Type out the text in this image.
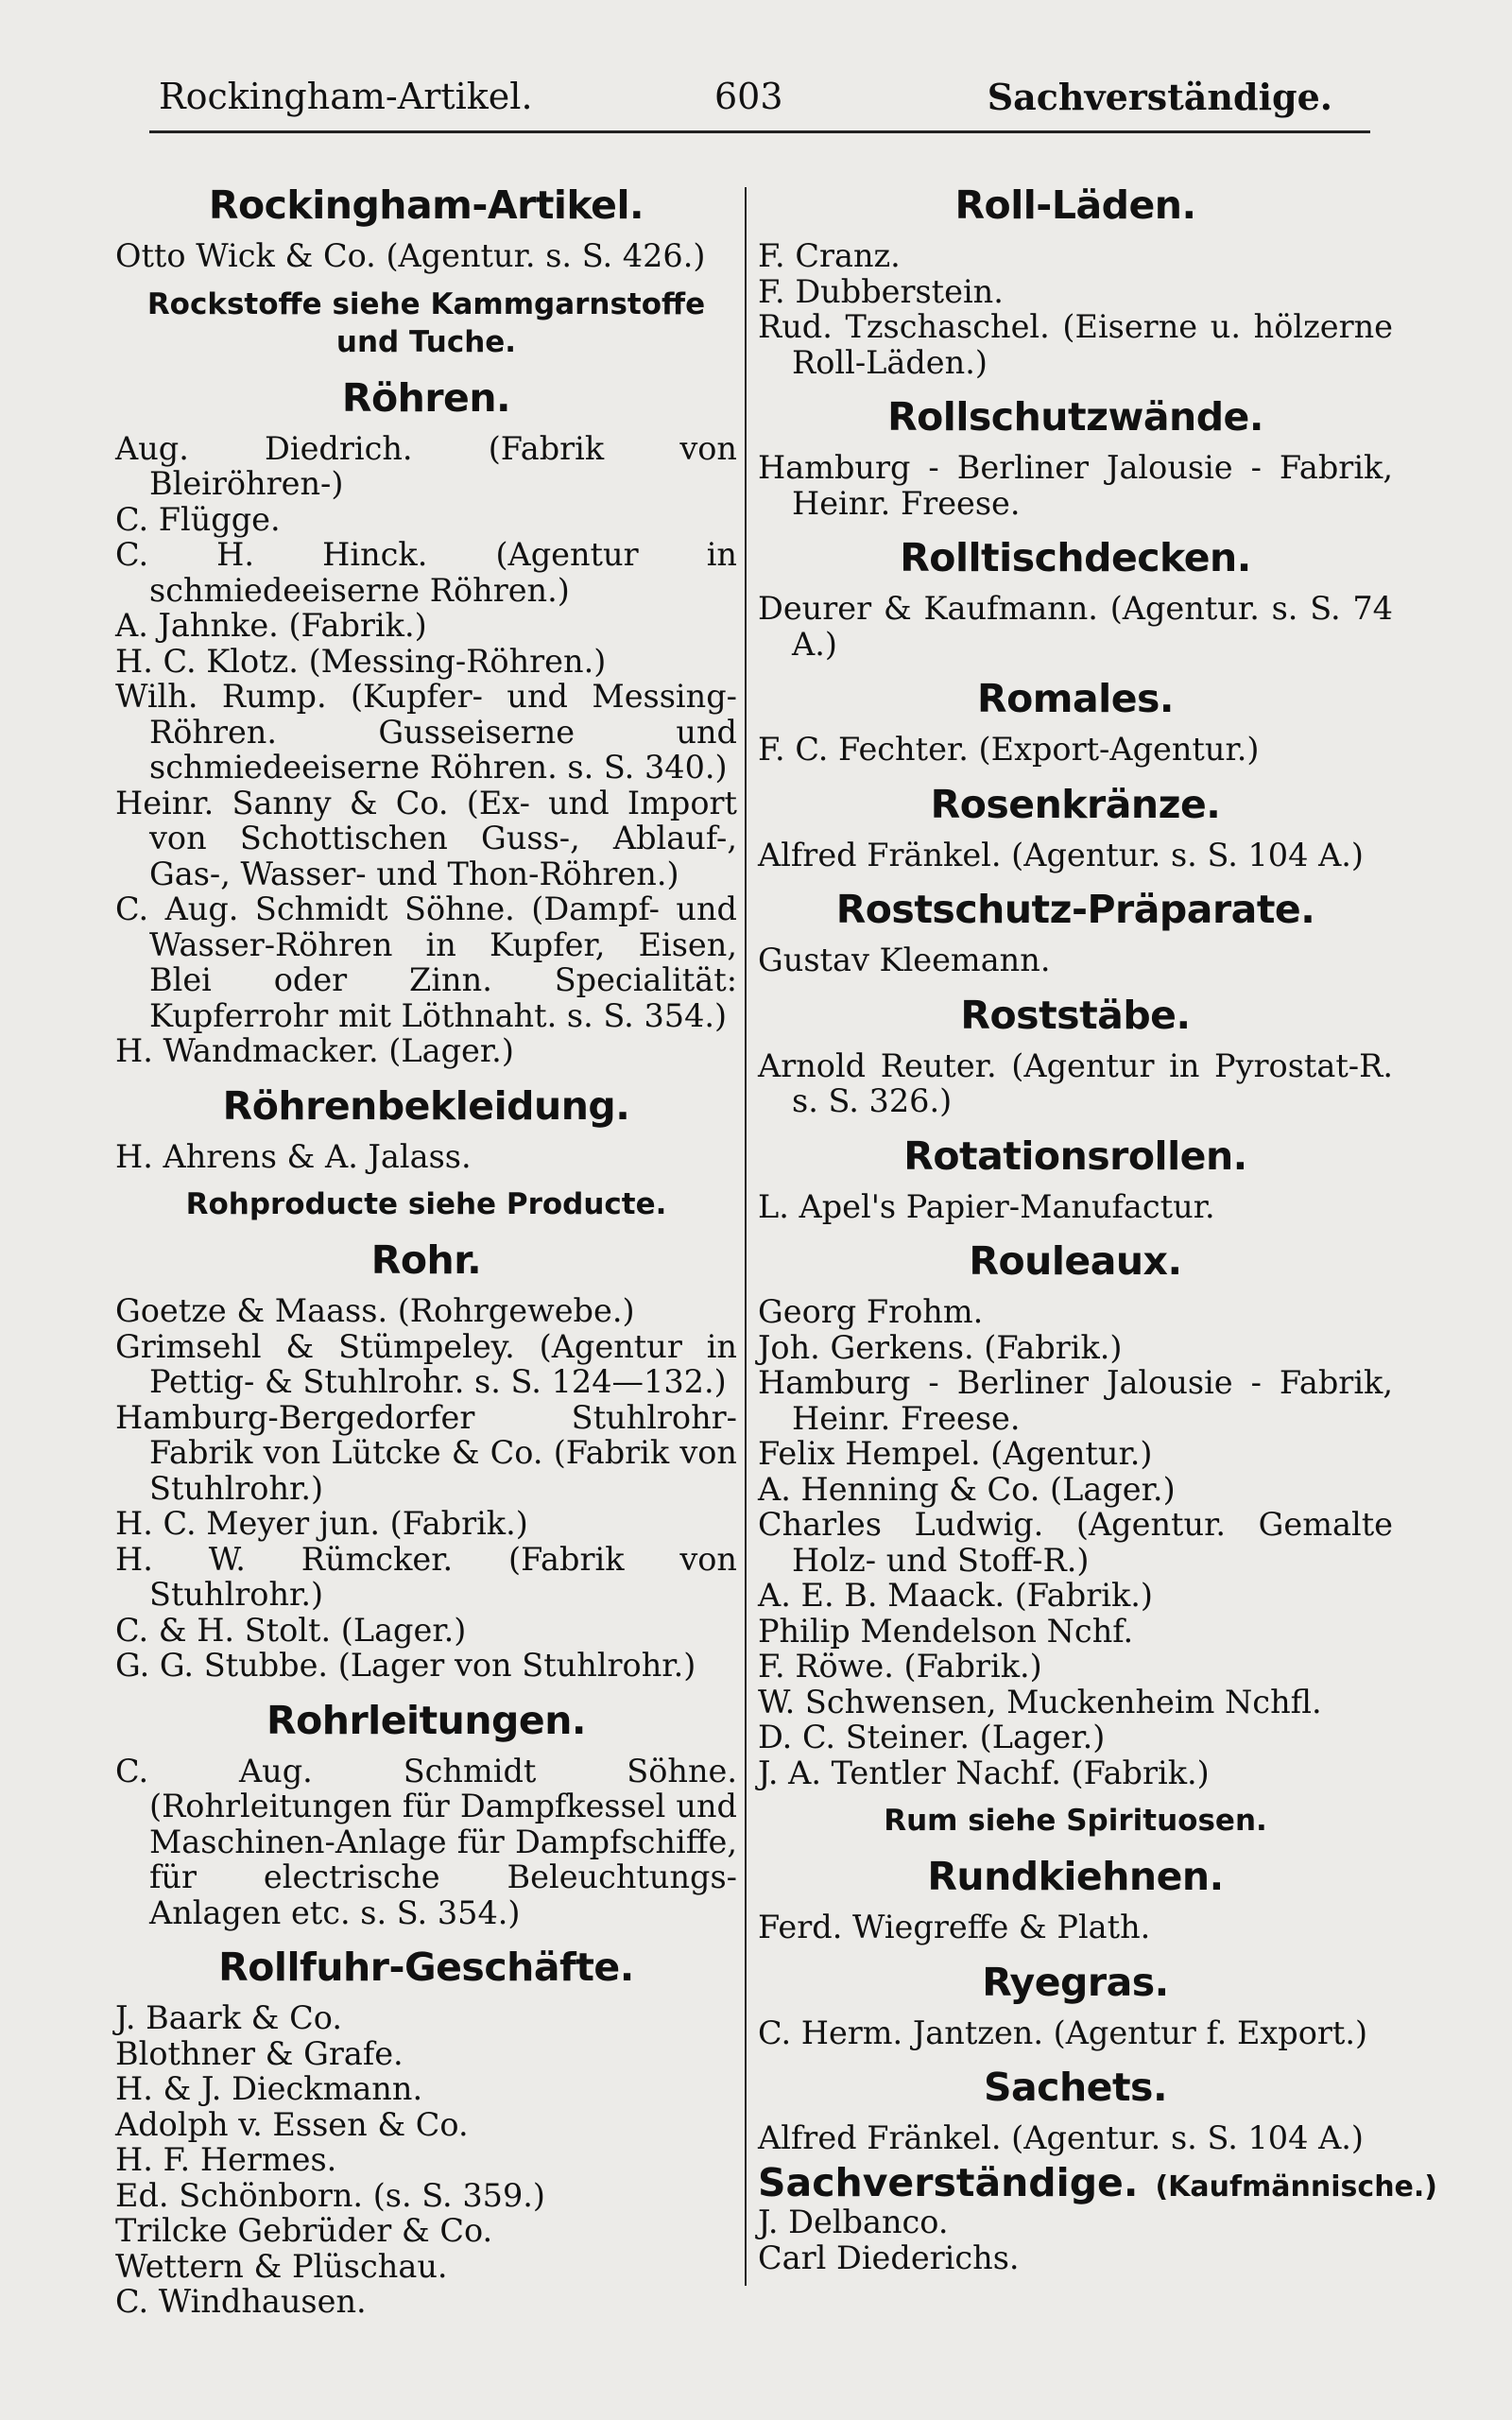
Rockingham-Artikel.	603	Sachverständige.
Rockingham-Artikel.

Otto Wick & Co. (Agentur. s. S. 426.)

Rockstoffe siehe Kammgarnstoffe und Tuche.
Röhren.

Aug. Diedrich. (Fabrik von Bleiröhren-)

C. Flügge.

C. H. Hinck. (Agentur in schmiedeeiserne Röhren.)

A. Jahnke. (Fabrik.)

H. C. Klotz. (Messing-Röhren.)

Wilh. Rump. (Kupfer- und Messing-Röhren. Gusseiserne und schmiedeeiserne Röhren. s. S. 340.)

Heinr. Sanny & Co. (Ex- und Import von Schottischen Guss-, Ablauf-, Gas-, Wasser- und Thon-Röhren.)

C. Aug. Schmidt Söhne. (Dampf- und Wasser-Röhren in Kupfer, Eisen, Blei oder Zinn. Specialität: Kupferrohr mit Löthnaht. s. S. 354.)

H. Wandmacker. (Lager.)

Röhrenbekleidung.

H. Ahrens & A. Jalass.

Rohproducte siehe Producte.
Rohr.

Goetze & Maass. (Rohrgewebe.)

Grimsehl & Stümpeley. (Agentur in Pettig- & Stuhlrohr. s. S. 124—132.)

Hamburg-Bergedorfer Stuhlrohr-Fabrik von Lütcke & Co. (Fabrik von Stuhlrohr.)

H. C. Meyer jun. (Fabrik.)

H. W. Rümcker. (Fabrik von Stuhlrohr.)

C. & H. Stolt. (Lager.)

G. G. Stubbe. (Lager von Stuhlrohr.)

Rohrleitungen.

C. Aug. Schmidt Söhne. (Rohrleitungen für Dampfkessel und Maschinen-Anlage für Dampfschiffe, für electrische Beleuchtungs-Anlagen etc. s. S. 354.)

Rollfuhr-Geschäfte.

J. Baark & Co.

Blothner & Grafe.

H. & J. Dieckmann.

Adolph v. Essen & Co.

H. F. Hermes.

Ed. Schönborn. (s. S. 359.)

Trilcke Gebrüder & Co.

Wettern & Plüschau.

C. Windhausen.

Roll-Läden.

F. Cranz.

F. Dubberstein.

Rud. Tzschaschel. (Eiserne u. hölzerne Roll-Läden.)

Rollschutzwände.

Hamburg - Berliner Jalousie - Fabrik, Heinr. Freese.

Rolltischdecken.

Deurer & Kaufmann. (Agentur. s. S. 74 A.)

Romales.

F. C. Fechter. (Export-Agentur.)

Rosenkränze.

Alfred Fränkel. (Agentur. s. S. 104 A.)

Rostschutz-Präparate.

Gustav Kleemann.

Roststäbe.

Arnold Reuter. (Agentur in Pyrostat-R. s. S. 326.)

Rotationsrollen.

L. Apel's Papier-Manufactur.

Rouleaux.

Georg Frohm.

Joh. Gerkens. (Fabrik.)

Hamburg - Berliner Jalousie - Fabrik, Heinr. Freese.

Felix Hempel. (Agentur.)

A. Henning & Co. (Lager.)

Charles Ludwig. (Agentur. Gemalte Holz- und Stoff-R.)

A. E. B. Maack. (Fabrik.)

Philip Mendelson Nchf.

F. Röwe. (Fabrik.)

W. Schwensen, Muckenheim Nchfl.

D. C. Steiner. (Lager.)

J. A. Tentler Nachf. (Fabrik.)

Rum siehe Spirituosen.
Rundkiehnen.

Ferd. Wiegreffe & Plath.

Ryegras.

C. Herm. Jantzen. (Agentur f. Export.)

Sachets.

Alfred Fränkel. (Agentur. s. S. 104 A.)

Sachverständige. (Kaufmännische.)

J. Delbanco.

Carl Diederichs.
